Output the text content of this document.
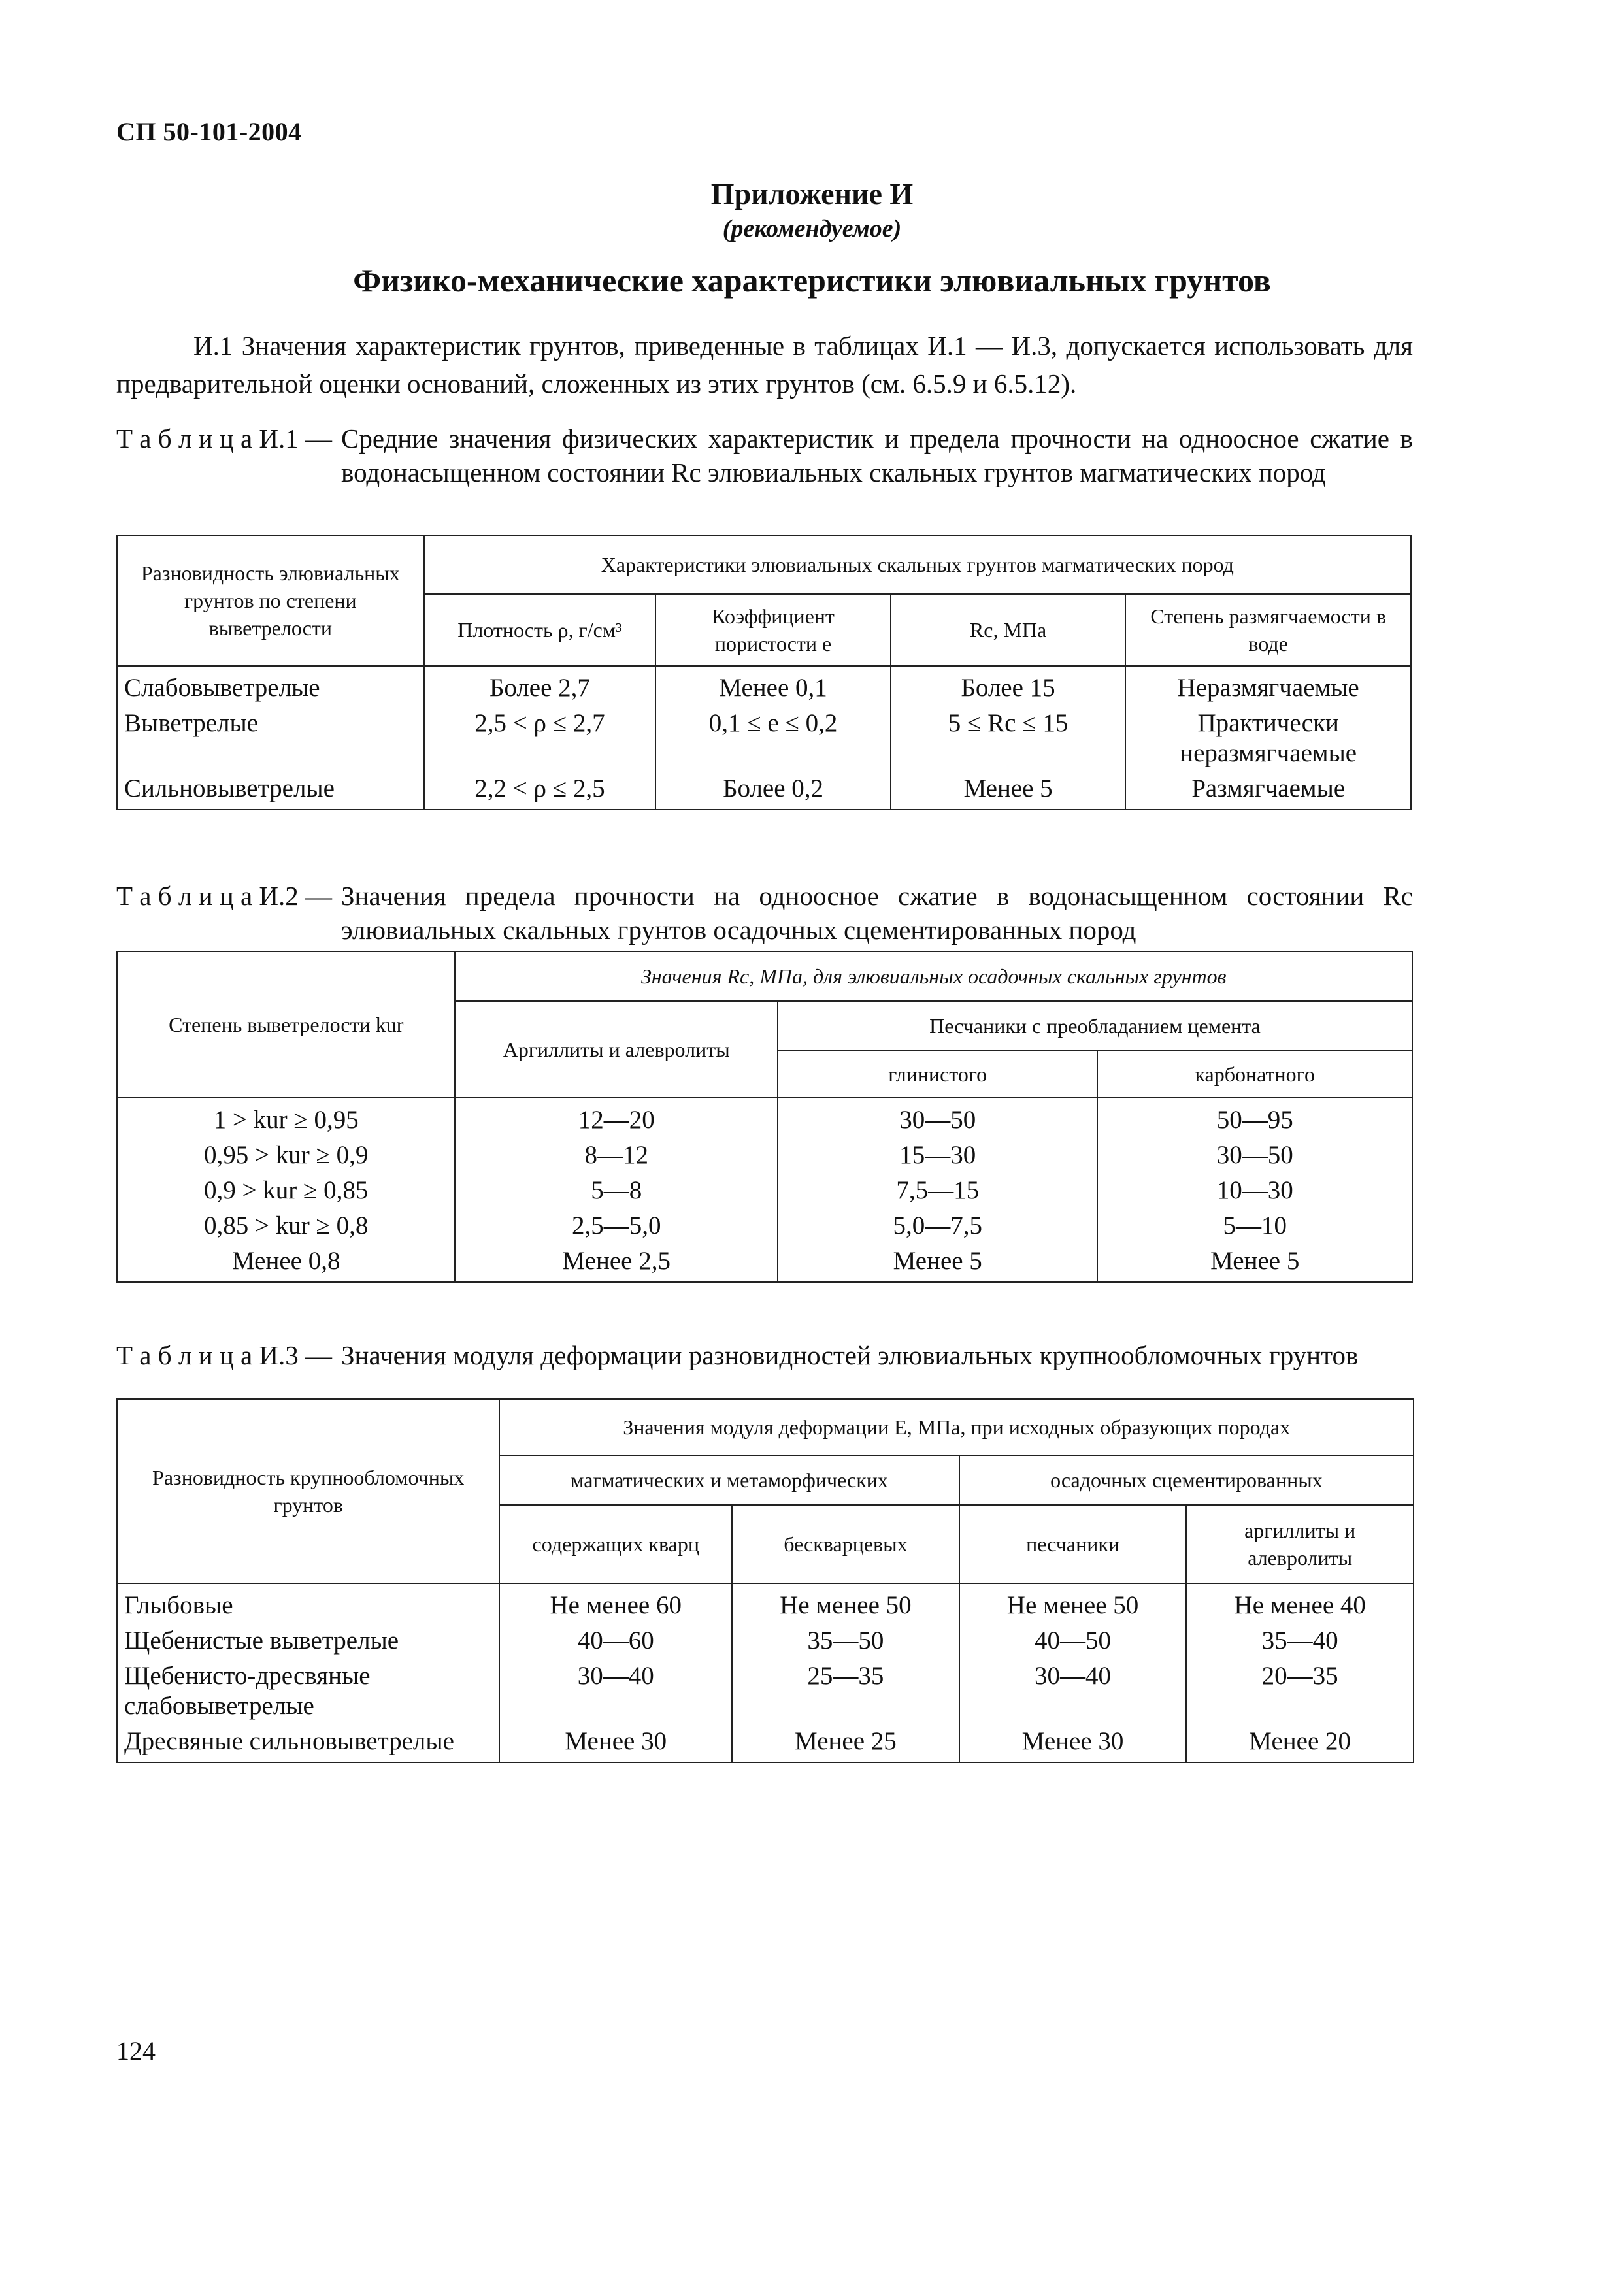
СП 50-101-2004
Приложение И
(рекомендуемое)
Физико-механические характеристики элювиальных грунтов
И.1 Значения характеристик грунтов, приведенные в таблицах И.1 — И.3, допускается использовать для предварительной оценки оснований, сложенных из этих грунтов (см. 6.5.9 и 6.5.12).
Т а б л и ц а И.1 — Средние значения физических характеристик и предела прочности на одноосное сжатие в водонасыщенном состоянии Rc элювиальных скальных грунтов магматических пород
Разновидность элювиальных грунтов по степени выветрелости	Характеристики элювиальных скальных грунтов магматических пород			
	Плотность ρ, г/см³	Коэффициент пористости e	Rc, МПа	Степень размягчаемости в воде
Слабовыветрелые	Более 2,7	Менее 0,1	Более 15	Неразмягчаемые
Выветрелые	2,5 < ρ ≤ 2,7	0,1 ≤ e ≤ 0,2	5 ≤ Rc ≤ 15	Практически неразмягчаемые
Сильновыветрелые	2,2 < ρ ≤ 2,5	Более 0,2	Менее 5	Размягчаемые
Т а б л и ц а И.2 — Значения предела прочности на одноосное сжатие в водонасыщенном состоянии Rc элювиальных скальных грунтов осадочных сцементированных пород
Степень выветрелости kur	Значения Rc, МПа, для элювиальных осадочных скальных грунтов		
	Аргиллиты и алевролиты	Песчаники с преобладанием цемента	
		глинистого	карбонатного
1 > kur ≥ 0,95	12—20	30—50	50—95
0,95 > kur ≥ 0,9	8—12	15—30	30—50
0,9 > kur ≥ 0,85	5—8	7,5—15	10—30
0,85 > kur ≥ 0,8	2,5—5,0	5,0—7,5	5—10
Менее 0,8	Менее 2,5	Менее 5	Менее 5
Т а б л и ц а И.3 — Значения модуля деформации разновидностей элювиальных крупнообломочных грунтов
Разновидность крупнообломочных грунтов	Значения модуля деформации E, МПа, при исходных образующих породах			
	магматических и метаморфических		осадочных сцементированных	
	содержащих кварц	бескварцевых	песчаники	аргиллиты и алевролиты
Глыбовые	Не менее 60	Не менее 50	Не менее 50	Не менее 40
Щебенистые выветрелые	40—60	35—50	40—50	35—40
Щебенисто-дресвяные слабовыветрелые	30—40	25—35	30—40	20—35
Дресвяные сильновыветрелые	Менее 30	Менее 25	Менее 30	Менее 20
124
